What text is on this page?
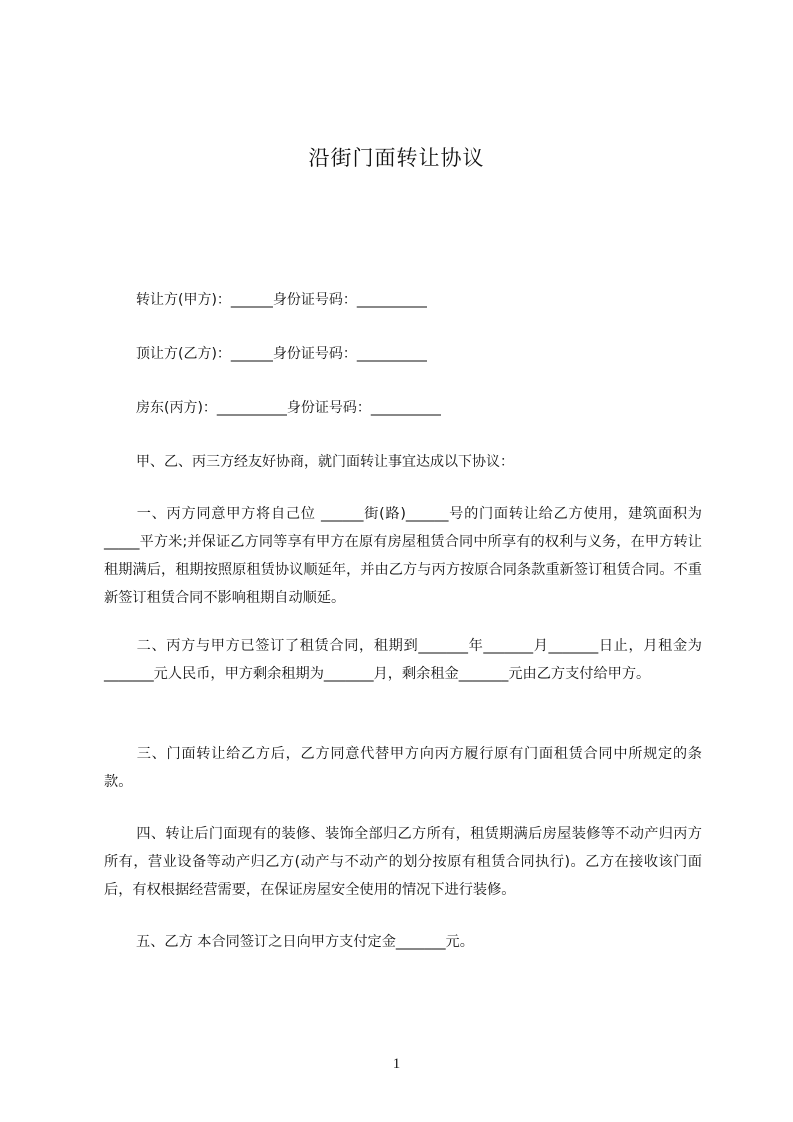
沿街门面转让协议
转让方(甲方)：______身份证号码：__________
顶让方(乙方)：______身份证号码：__________
房东(丙方)：__________身份证号码：__________
甲、乙、丙三方经友好协商，就门面转让事宜达成以下协议：
一、丙方同意甲方将自己位 ______街(路)______号的门面转让给乙方使用，建筑面积为_____平方米;并保证乙方同等享有甲方在原有房屋租赁合同中所享有的权利与义务，在甲方转让租期满后，租期按照原租赁协议顺延年，并由乙方与丙方按原合同条款重新签订租赁合同。不重新签订租赁合同不影响租期自动顺延。
二、丙方与甲方已签订了租赁合同，租期到_______年_______月_______日止，月租金为_______元人民币，甲方剩余租期为_______月，剩余租金_______元由乙方支付给甲方。
三、门面转让给乙方后，乙方同意代替甲方向丙方履行原有门面租赁合同中所规定的条款。
四、转让后门面现有的装修、装饰全部归乙方所有，租赁期满后房屋装修等不动产归丙方所有，营业设备等动产归乙方(动产与不动产的划分按原有租赁合同执行)。乙方在接收该门面后，有权根据经营需要，在保证房屋安全使用的情况下进行装修。
五、乙方 本合同签订之日向甲方支付定金_______元。
1
